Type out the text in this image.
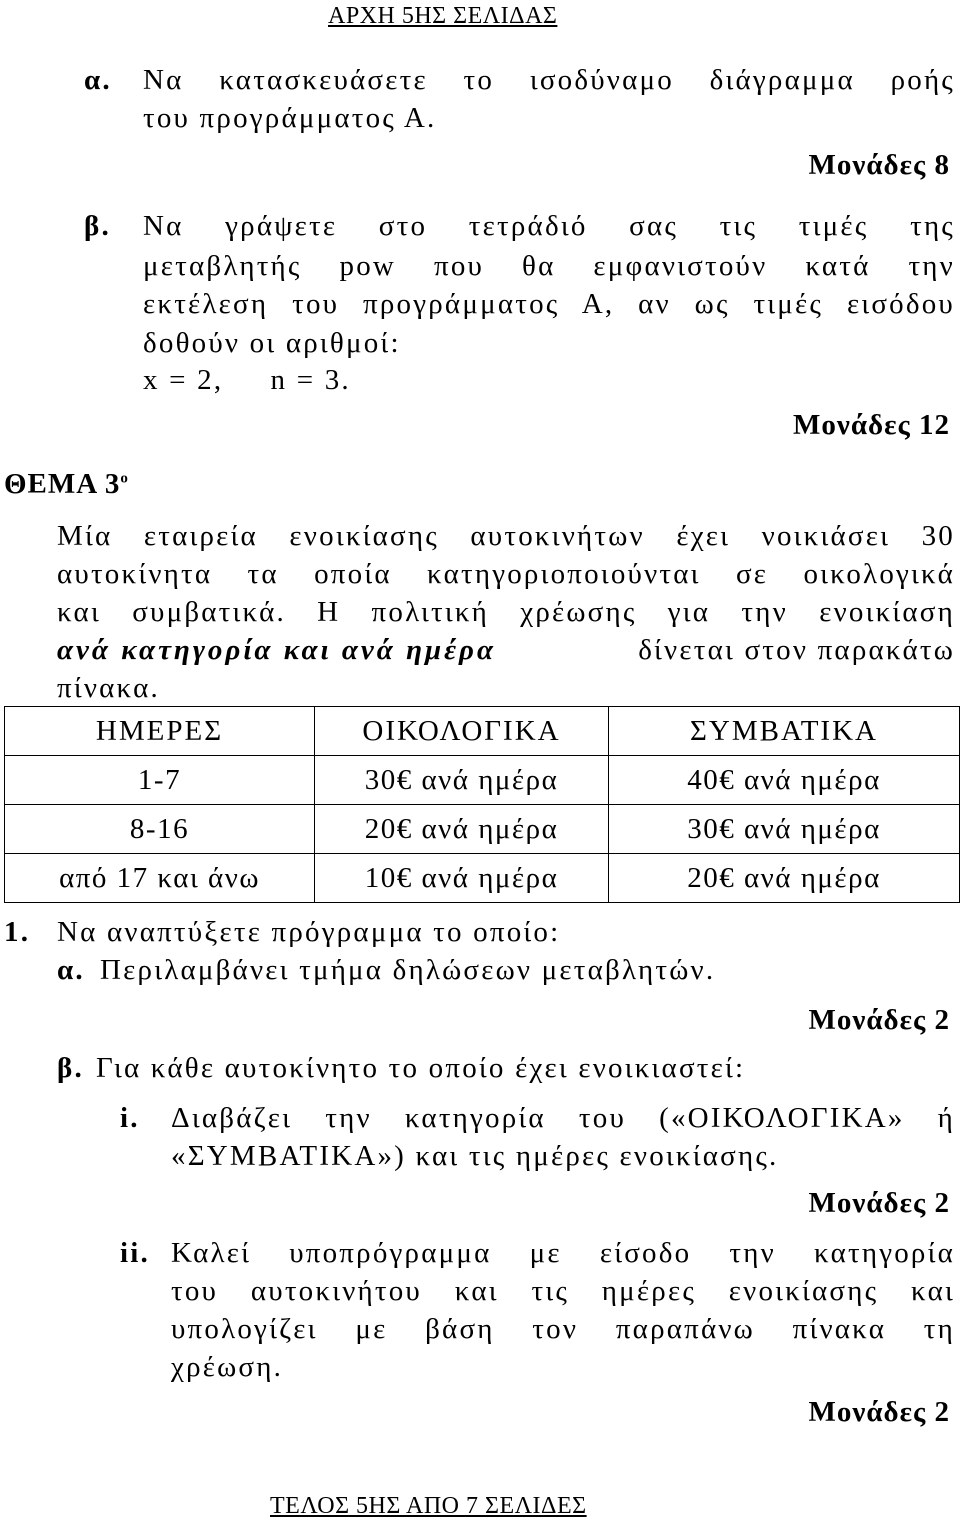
ΑΡΧΗ 5ΗΣ ΣΕΛΙΔΑΣ
α. Να κατασκευάσετε το ισοδύναμο διάγραμμα ροής
του προγράμματος Α.
Μονάδες 8
β. Να γράψετε στο τετράδιό σας τις τιμές της
μεταβλητής pow που θα εμφανιστούν κατά την
εκτέλεση του προγράμματος Α, αν ως τιμές εισόδου
δοθούν οι αριθμοί:
x = 2,     n = 3.
Μονάδες 12
ΘΕΜΑ $3^o$
Μία εταιρεία ενοικίασης αυτοκινήτων έχει νοικιάσει 30
αυτοκίνητα τα οποία κατηγοριοποιούνται σε οικολογικά
και συμβατικά. Η πολιτική χρέωσης για την ενοικίαση
ανά κατηγορία και ανά ημέρα	δίνεται στον παρακάτω
πίνακα.
ΗΜΕΡΕΣ	ΟΙΚΟΛΟΓΙΚΑ	ΣΥΜΒΑΤΙΚΑ
1-7	30€ ανά ημέρα	40€ ανά ημέρα
8-16	20€ ανά ημέρα	30€ ανά ημέρα
από 17 και άνω	10€ ανά ημέρα	20€ ανά ημέρα
1. Να αναπτύξετε πρόγραμμα το οποίο:
α. Περιλαμβάνει τμήμα δηλώσεων μεταβλητών.
Μονάδες 2
β. Για κάθε αυτοκίνητο το οποίο έχει ενοικιαστεί:
i. Διαβάζει την κατηγορία του («ΟΙΚΟΛΟΓΙΚΑ» ή
«ΣΥΜΒΑΤΙΚΑ») και τις ημέρες ενοικίασης.
Μονάδες 2
ii. Καλεί υποπρόγραμμα με είσοδο την κατηγορία
του αυτοκινήτου και τις ημέρες ενοικίασης και
υπολογίζει με βάση τον παραπάνω πίνακα τη
χρέωση.
Μονάδες 2
ΤΕΛΟΣ 5ΗΣ ΑΠΟ 7 ΣΕΛΙΔΕΣ
